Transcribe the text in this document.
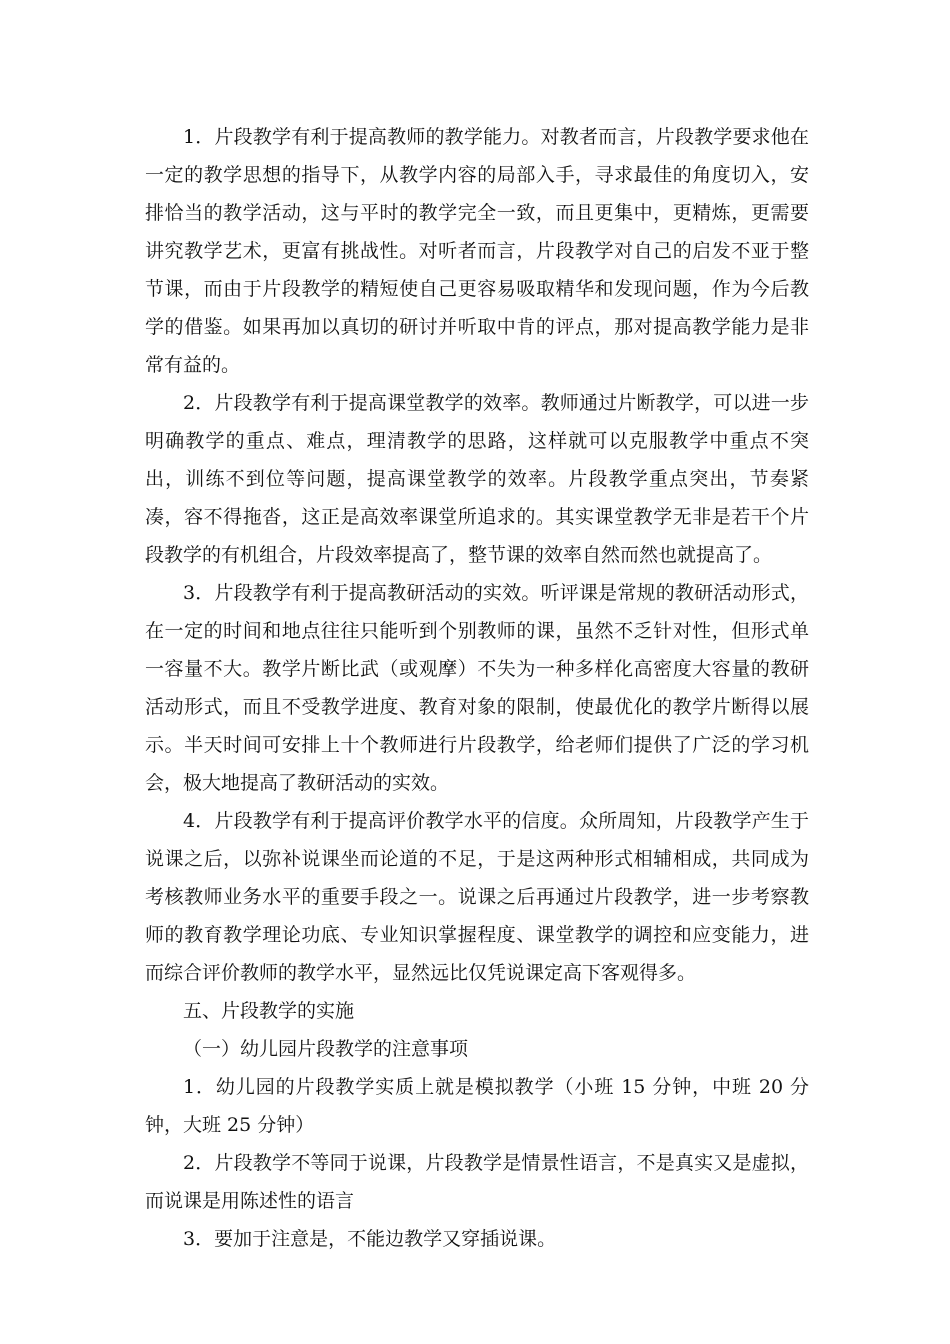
1．片段教学有利于提高教师的教学能力。对教者而言，片段教学要求他在一定的教学思想的指导下，从教学内容的局部入手，寻求最佳的角度切入，安排恰当的教学活动，这与平时的教学完全一致，而且更集中，更精炼，更需要讲究教学艺术，更富有挑战性。对听者而言，片段教学对自己的启发不亚于整节课，而由于片段教学的精短使自己更容易吸取精华和发现问题，作为今后教学的借鉴。如果再加以真切的研讨并听取中肯的评点，那对提高教学能力是非常有益的。

2．片段教学有利于提高课堂教学的效率。教师通过片断教学，可以进一步明确教学的重点、难点，理清教学的思路，这样就可以克服教学中重点不突出，训练不到位等问题，提高课堂教学的效率。片段教学重点突出，节奏紧凑，容不得拖沓，这正是高效率课堂所追求的。其实课堂教学无非是若干个片段教学的有机组合，片段效率提高了，整节课的效率自然而然也就提高了。

3．片段教学有利于提高教研活动的实效。听评课是常规的教研活动形式，在一定的时间和地点往往只能听到个别教师的课，虽然不乏针对性，但形式单一容量不大。教学片断比武（或观摩）不失为一种多样化高密度大容量的教研活动形式，而且不受教学进度、教育对象的限制，使最优化的教学片断得以展示。半天时间可安排上十个教师进行片段教学，给老师们提供了广泛的学习机会，极大地提高了教研活动的实效。

4．片段教学有利于提高评价教学水平的信度。众所周知，片段教学产生于说课之后，以弥补说课坐而论道的不足，于是这两种形式相辅相成，共同成为考核教师业务水平的重要手段之一。说课之后再通过片段教学，进一步考察教师的教育教学理论功底、专业知识掌握程度、课堂教学的调控和应变能力，进而综合评价教师的教学水平，显然远比仅凭说课定高下客观得多。

五、片段教学的实施

（一）幼儿园片段教学的注意事项

1．幼儿园的片段教学实质上就是模拟教学（小班 15 分钟，中班 20 分钟，大班 25 分钟）

2．片段教学不等同于说课，片段教学是情景性语言，不是真实又是虚拟，而说课是用陈述性的语言

3．要加于注意是，不能边教学又穿插说课。
